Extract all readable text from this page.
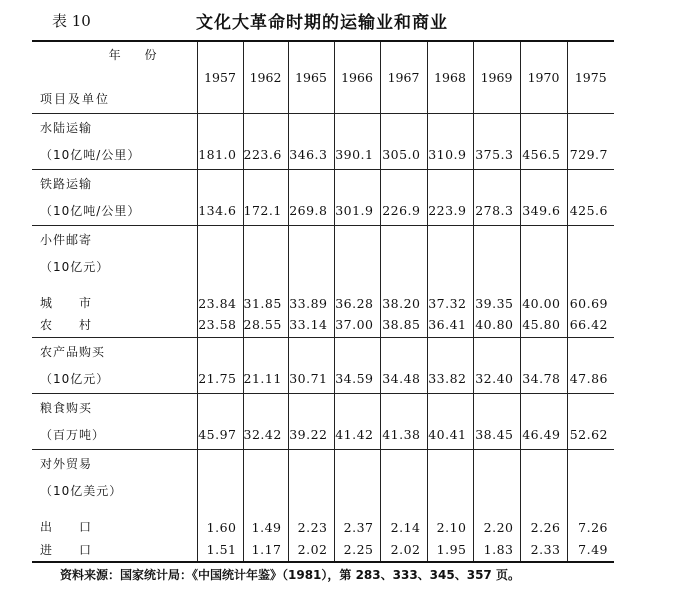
表 10	文化大革命时期的运输业和商业
年 份
项目及单位	1957	1962	1965	1966	1967	1968	1969	1970	1975
水陆运输									
（10亿吨/公里）	181.0	223.6	346.3	390.1	305.0	310.9	375.3	456.5	729.7
铁路运输									
（10亿吨/公里）	134.6	172.1	269.8	301.9	226.9	223.9	278.3	349.6	425.6
小件邮寄									
（10亿元）									
城　　市	23.84	31.85	33.89	36.28	38.20	37.32	39.35	40.00	60.69
农　　村	23.58	28.55	33.14	37.00	38.85	36.41	40.80	45.80	66.42
农产品购买									
（10亿元）	21.75	21.11	30.71	34.59	34.48	33.82	32.40	34.78	47.86
粮食购买									
（百万吨）	45.97	32.42	39.22	41.42	41.38	40.41	38.45	46.49	52.62
对外贸易									
（10亿美元）									
出　　口	1.60	1.49	2.23	2.37	2.14	2.10	2.20	2.26	7.26
进　　口	1.51	1.17	2.02	2.25	2.02	1.95	1.83	2.33	7.49
资料来源：国家统计局：《中国统计年鉴》（1981），第 283、333、345、357 页。
